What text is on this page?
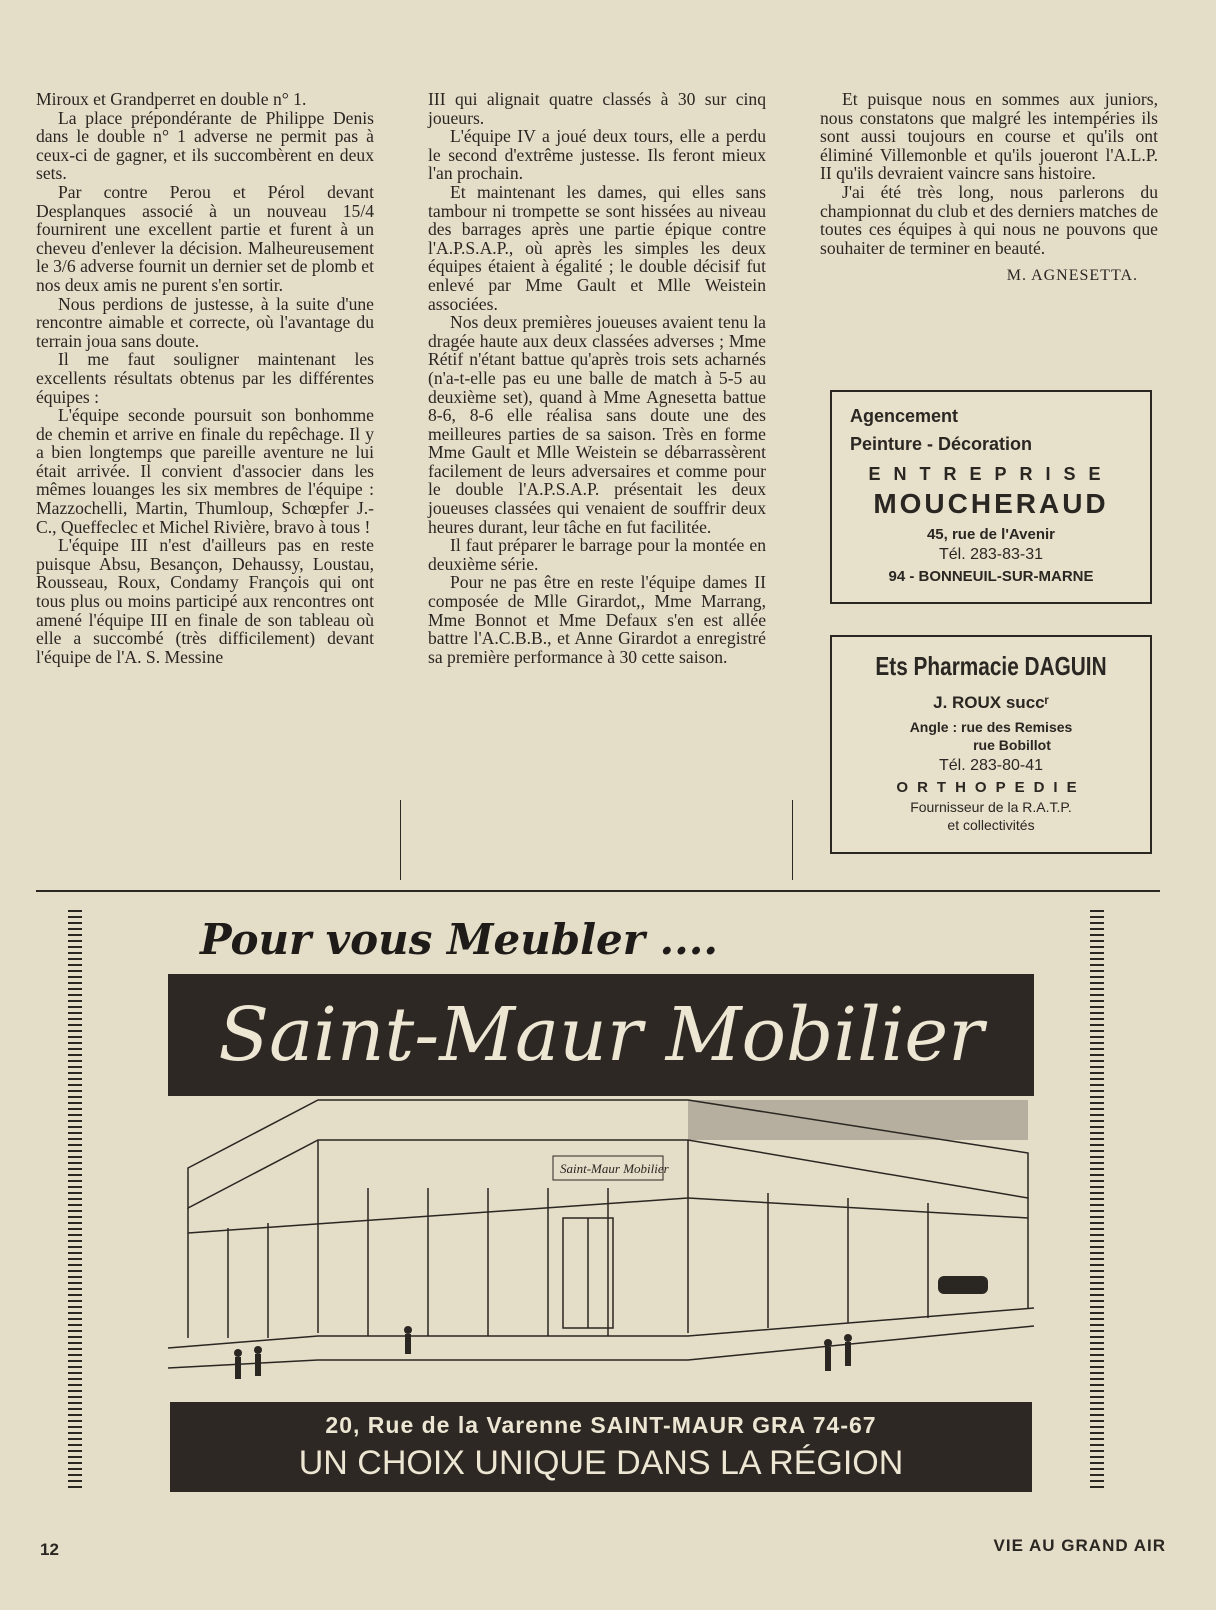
Miroux et Grandperret en double n° 1.

La place prépondérante de Philippe Denis dans le double n° 1 adverse ne permit pas à ceux-ci de gagner, et ils succombèrent en deux sets.

Par contre Perou et Pérol devant Desplanques associé à un nouveau 15/4 fournirent une excellent partie et furent à un cheveu d'enlever la décision. Malheureusement le 3/6 adverse fournit un dernier set de plomb et nos deux amis ne purent s'en sortir.

Nous perdions de justesse, à la suite d'une rencontre aimable et correcte, où l'avantage du terrain joua sans doute.

Il me faut souligner maintenant les excellents résultats obtenus par les différentes équipes :

L'équipe seconde poursuit son bonhomme de chemin et arrive en finale du repêchage. Il y a bien longtemps que pareille aventure ne lui était arrivée. Il convient d'associer dans les mêmes louanges les six membres de l'équipe : Mazzochelli, Martin, Thumloup, Schœpfer J.-C., Queffeclec et Michel Rivière, bravo à tous !

L'équipe III n'est d'ailleurs pas en reste puisque Absu, Besançon, Dehaussy, Loustau, Rousseau, Roux, Condamy François qui ont tous plus ou moins participé aux rencontres ont amené l'équipe III en finale de son tableau où elle a succombé (très difficilement) devant l'équipe de l'A. S. Messine

III qui alignait quatre classés à 30 sur cinq joueurs.

L'équipe IV a joué deux tours, elle a perdu le second d'extrême justesse. Ils feront mieux l'an prochain.

Et maintenant les dames, qui elles sans tambour ni trompette se sont hissées au niveau des barrages après une partie épique contre l'A.P.S.A.P., où après les simples les deux équipes étaient à égalité ; le double décisif fut enlevé par Mme Gault et Mlle Weistein associées.

Nos deux premières joueuses avaient tenu la dragée haute aux deux classées adverses ; Mme Rétif n'étant battue qu'après trois sets acharnés (n'a-t-elle pas eu une balle de match à 5-5 au deuxième set), quand à Mme Agnesetta battue 8-6, 8-6 elle réalisa sans doute une des meilleures parties de sa saison. Très en forme Mme Gault et Mlle Weistein se débarrassèrent facilement de leurs adversaires et comme pour le double l'A.P.S.A.P. présentait les deux joueuses classées qui venaient de souffrir deux heures durant, leur tâche en fut facilitée.

Il faut préparer le barrage pour la montée en deuxième série.

Pour ne pas être en reste l'équipe dames II composée de Mlle Girardot,, Mme Marrang, Mme Bonnot et Mme Defaux s'en est allée battre l'A.C.B.B., et Anne Girardot a enregistré sa première performance à 30 cette saison.

Et puisque nous en sommes aux juniors, nous constatons que malgré les intempéries ils sont aussi toujours en course et qu'ils ont éliminé Villemonble et qu'ils joueront l'A.L.P. II qu'ils devraient vaincre sans histoire.

J'ai été très long, nous parlerons du championnat du club et des derniers matches de toutes ces équipes à qui nous ne pouvons que souhaiter de terminer en beauté.

M. AGNESETTA.
Agencement
Peinture - Décoration
ENTREPRISE
MOUCHERAUD
45, rue de l'Avenir
Tél. 283-83-31
94 - BONNEUIL-SUR-MARNE
Ets Pharmacie DAGUIN
J. ROUX succʳ
Angle : rue des Remises
rue Bobillot
Tél. 283-80-41
ORTHOPEDIE
Fournisseur de la R.A.T.P.
et collectivités
Pour vous Meubler ....
Saint-Maur Mobilier
Saint-Maur Mobilier
20, Rue de la Varenne SAINT-MAUR GRA 74-67
UN CHOIX UNIQUE DANS LA RÉGION
12	VIE AU GRAND AIR
